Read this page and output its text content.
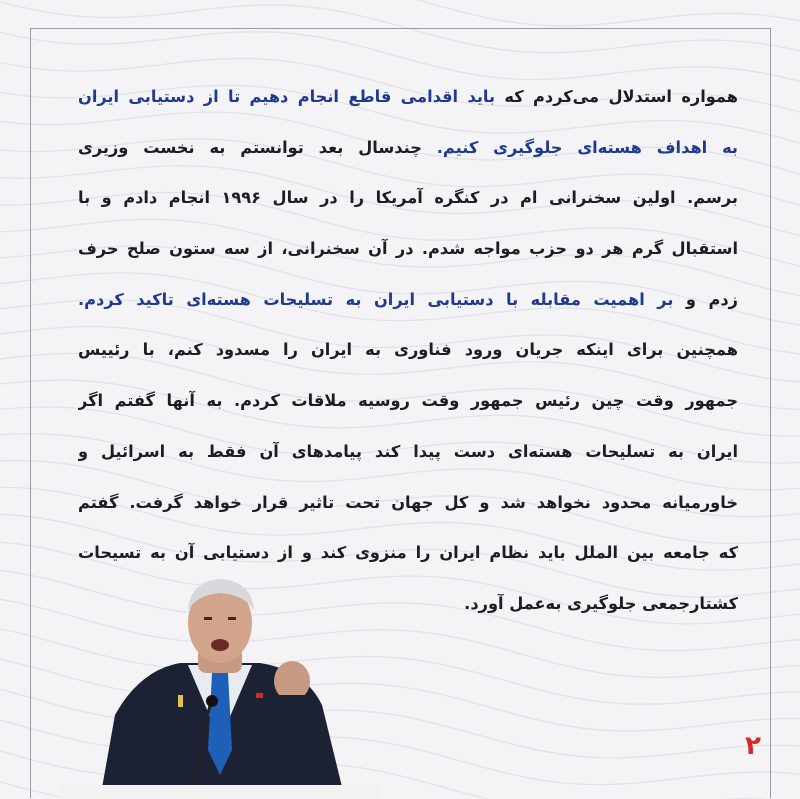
همواره استدلال می‌کردم که باید اقدامی قاطع انجام دهیم تا از دستیابی ایران
به اهداف هسته‌ای جلوگیری کنیم. چندسال بعد توانستم به نخست وزیری
برسم. اولین سخنرانی ام در کنگره آمریکا را در سال ۱۹۹۶ انجام دادم و با
استقبال گرم هر دو حزب مواجه شدم. در آن سخنرانی، از سه ستون صلح حرف
زدم و بر اهمیت مقابله با دستیابی ایران به تسلیحات هسته‌ای تاکید کردم.
همچنین برای اینکه جریان ورود فناوری به ایران را مسدود کنم، با رئییس
جمهور وقت چین رئیس جمهور وقت روسیه ملاقات کردم. به آنها گفتم اگر
ایران به تسلیحات هسته‌ای دست پیدا کند پیامدهای آن فقط به اسرائیل و
خاورمیانه محدود نخواهد شد و کل جهان تحت تاثیر قرار خواهد گرفت. گفتم
که جامعه بین الملل باید نظام ایران را منزوی کند و از دستیابی آن به تسیحات
کشتارجمعی جلوگیری به‌عمل آورد.
۲
